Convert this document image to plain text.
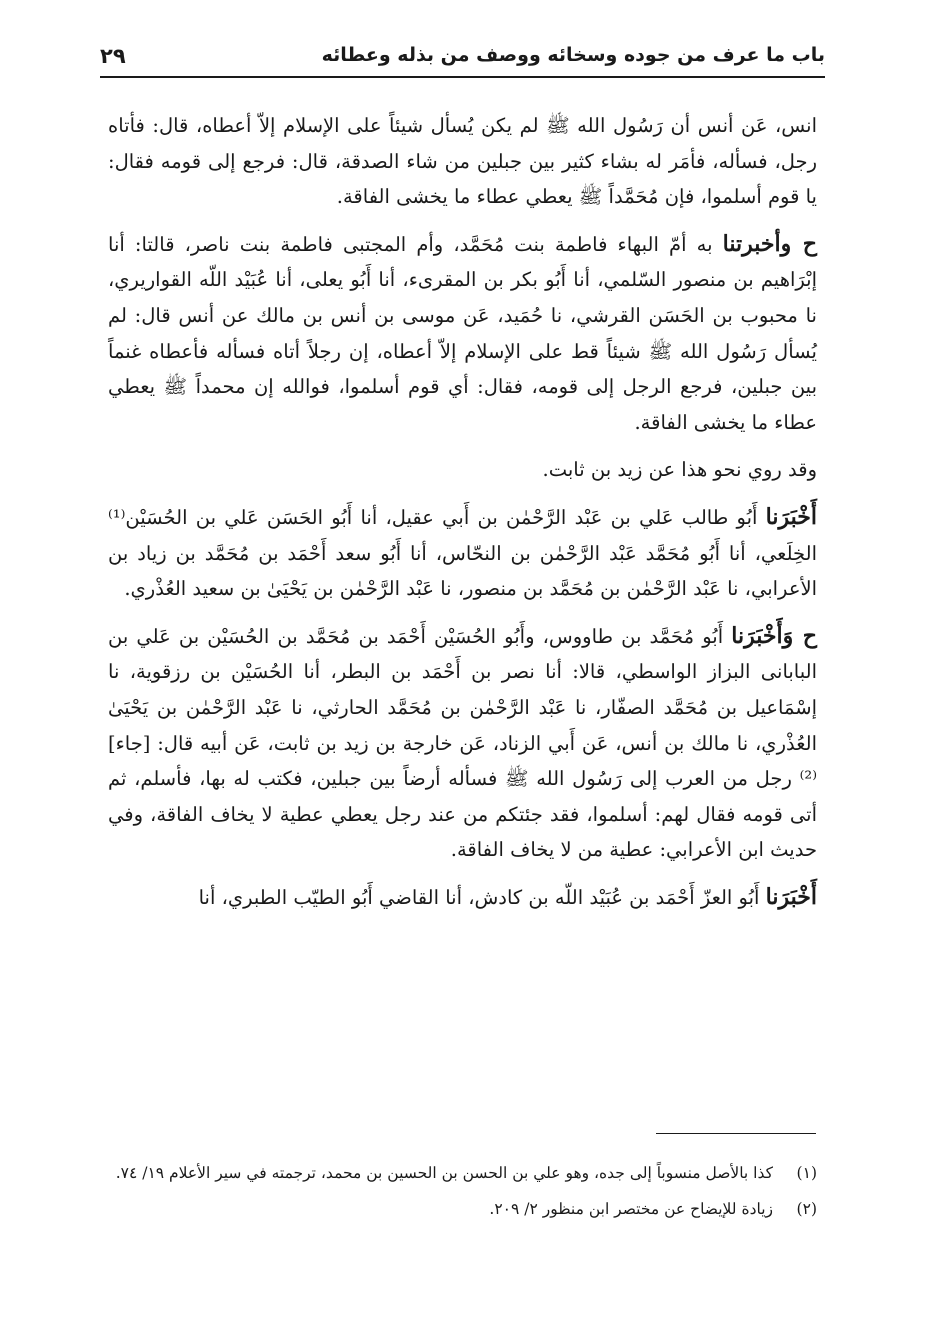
باب ما عرف من جوده وسخائه ووصف من بذله وعطائه
٢٩

انس، عَن أنس أن رَسُول الله ﷺ لم يكن يُسأل شيئاً على الإسلام إلاّ أعطاه، قال: فأتاه رجل، فسأله، فأمَر له بشاء كثير بين جبلين من شاء الصدقة، قال: فرجع إلى قومه فقال: يا قوم أسلموا، فإن مُحَمَّداً ﷺ يعطي عطاء ما يخشى الفاقة.

ح وأخبرتنا به أمّ البهاء فاطمة بنت مُحَمَّد، وأم المجتبى فاطمة بنت ناصر، قالتا: أنا إبْرَاهيم بن منصور السّلمي، أنا أَبُو بكر بن المقرىء، أنا أَبُو يعلى، أنا عُبَيْد اللّه القواريري، نا محبوب بن الحَسَن القرشي، نا حُمَيد، عَن موسى بن أنس بن مالك عن أنس قال: لم يُسأل رَسُول الله ﷺ شيئاً قط على الإسلام إلاّ أعطاه، إن رجلاً أتاه فسأله فأعطاه غنماً بين جبلين، فرجع الرجل إلى قومه، فقال: أي قوم أسلموا، فوالله إن محمداً ﷺ يعطي عطاء ما يخشى الفاقة.

وقد روي نحو هذا عن زيد بن ثابت.

أَخْبَرَنا أَبُو طالب عَلي بن عَبْد الرَّحْمٰن بن أَبي عقيل، أنا أَبُو الحَسَن عَلي بن الحُسَيْن⁽¹⁾ الخِلَعي، أنا أَبُو مُحَمَّد عَبْد الرَّحْمٰن بن النحّاس، أنا أَبُو سعد أَحْمَد بن مُحَمَّد بن زياد بن الأعرابي، نا عَبْد الرَّحْمٰن بن مُحَمَّد بن منصور، نا عَبْد الرَّحْمٰن بن يَحْيَىٰ بن سعيد العُذْري.

ح وَأَخْبَرَنا أَبُو مُحَمَّد بن طاووس، وأَبُو الحُسَيْن أَحْمَد بن مُحَمَّد بن الحُسَيْن بن عَلي بن البابانى البزاز الواسطي، قالا: أنا نصر بن أَحْمَد بن البطر، أنا الحُسَيْن بن رزقوية، نا إسْمَاعيل بن مُحَمَّد الصفّار، نا عَبْد الرَّحْمٰن بن مُحَمَّد الحارثي، نا عَبْد الرَّحْمٰن بن يَحْيَىٰ العُذْري، نا مالك بن أنس، عَن أَبي الزناد، عَن خارجة بن زيد بن ثابت، عَن أبيه قال: [جاء]⁽²⁾ رجل من العرب إلى رَسُول الله ﷺ فسأله أرضاً بين جبلين، فكتب له بها، فأسلم، ثم أتى قومه فقال لهم: أسلموا، فقد جئتكم من عند رجل يعطي عطية لا يخاف الفاقة، وفي حديث ابن الأعرابي: عطية من لا يخاف الفاقة.

أَخْبَرَنا أَبُو العزّ أَحْمَد بن عُبَيْد اللّه بن كادش، أنا القاضي أَبُو الطيّب الطبري، أنا

(١)
كذا بالأصل منسوباً إلى جده، وهو علي بن الحسن بن الحسين بن محمد، ترجمته في سير الأعلام ١٩/ ٧٤.

(٢)
زيادة للإيضاح عن مختصر ابن منظور ٢/ ٢٠٩.
